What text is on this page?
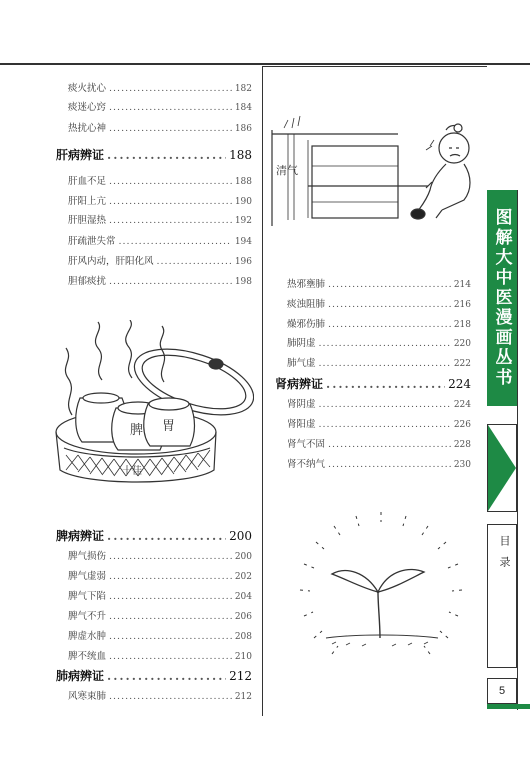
痰火扰心 .....	182
痰迷心窍 .....	184
热扰心神 .....	186
肝病辨证 .....	188
肝血不足 .....	188
肝阳上亢 .....	190
肝胆湿热 .....	192
肝疏泄失常 .....	194
肝风内动，肝阳化风 .....	196
胆郁痰扰 .....	198
脾 胃
十佳
脾病辨证 .....	200
脾气损伤 .....	200
脾气虚弱 .....	202
脾气下陷 .....	204
脾气不升 .....	206
脾虚水肿 .....	208
脾不统血 .....	210
肺病辨证 .....	212
风寒束肺 .....	212
清气
热邪壅肺 .....	214
痰浊阻肺 .....	216
燥邪伤肺 .....	218
肺阴虚 .....	220
肺气虚 .....	222
肾病辨证 .....	224
肾阴虚 .....	224
肾阳虚 .....	226
肾气不固 .....	228
肾不纳气 .....	230
图解大中医漫画丛书
目录
5
